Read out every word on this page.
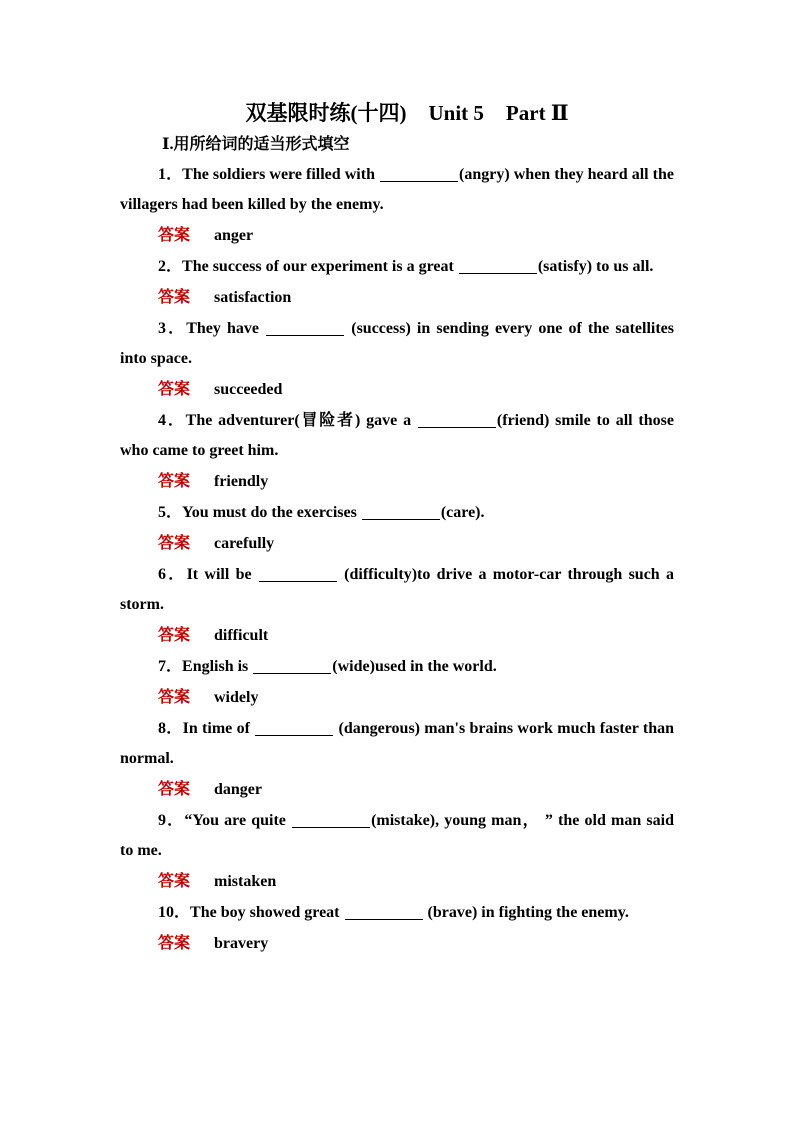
双基限时练(十四) Unit 5 Part Ⅱ
Ⅰ.用所给词的适当形式填空
1．The soldiers were filled with	(angry) when they heard all the villagers had been killed by the enemy.
答案 anger
2．The success of our experiment is a great	(satisfy) to us all.
答案 satisfaction
3．They have	(success) in sending every one of the satellites into space.
答案 succeeded
4．The adventurer(冒险者) gave a	(friend) smile to all those who came to greet him.
答案 friendly
5．You must do the exercises	(care).
答案 carefully
6．It will be	(difficulty)to drive a motor-car through such a storm.
答案 difficult
7．English is	(wide)used in the world.
答案 widely
8．In time of	(dangerous) man's brains work much faster than normal.
答案 danger
9．“You are quite	(mistake), young man， ” the old man said to me.
答案 mistaken
10．The boy showed great	(brave) in fighting the enemy.
答案 bravery
